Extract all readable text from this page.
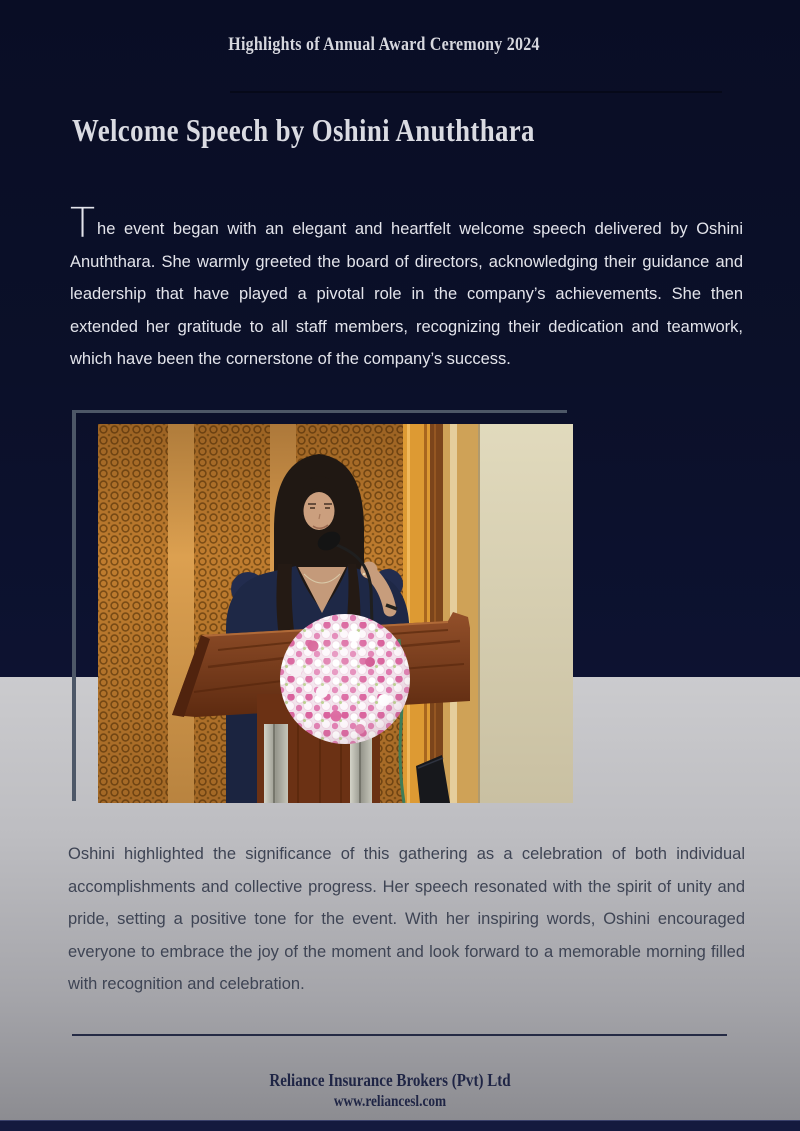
Highlights of Annual Award Ceremony 2024
Welcome Speech by Oshini Anuththara
The event began with an elegant and heartfelt welcome speech delivered by Oshini Anuththara. She warmly greeted the board of directors, acknowledging their guidance and leadership that have played a pivotal role in the company’s achievements. She then extended her gratitude to all staff members, recognizing their dedication and teamwork, which have been the cornerstone of the company’s success.
Oshini highlighted the significance of this gathering as a celebration of both individual accomplishments and collective progress. Her speech resonated with the spirit of unity and pride, setting a positive tone for the event. With her inspiring words, Oshini encouraged everyone to embrace the joy of the moment and look forward to a memorable morning filled with recognition and celebration.
Reliance Insurance Brokers (Pvt) Ltd
www.reliancesl.com
